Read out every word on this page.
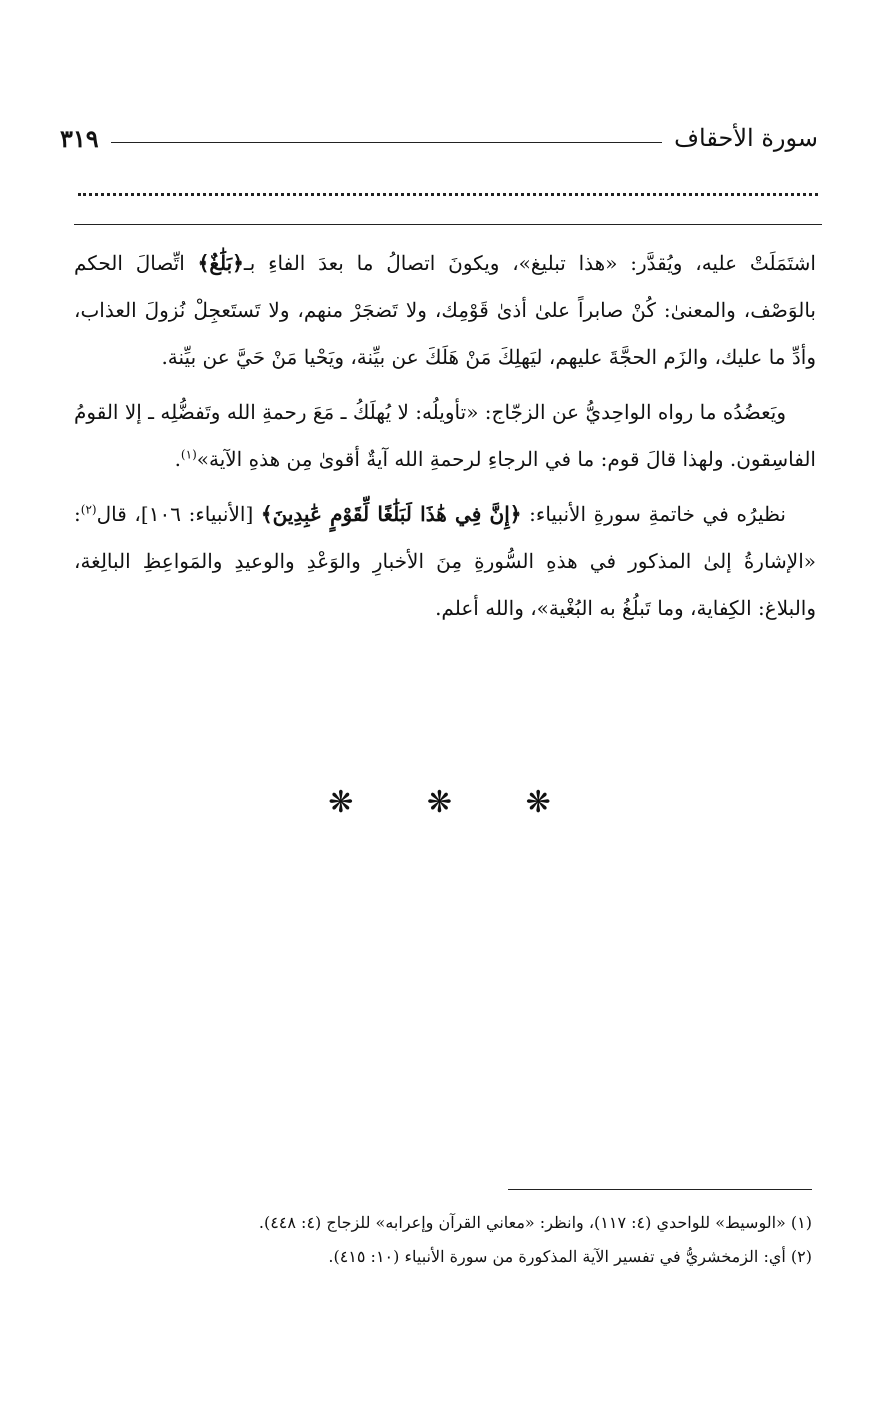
سورة الأحقاف
٣١٩

اشتَمَلَتْ عليه، ويُقدَّر: «هذا تبليغ»، ويكونَ اتصالُ ما بعدَ الفاءِ بـ﴿بَلَٰغٌ﴾ اتِّصالَ الحكم بالوَصْف، والمعنىٰ: كُنْ صابراً علىٰ أذىٰ قَوْمِك، ولا تَضجَرْ منهم، ولا تَستَعجِلْ نُزولَ العذاب، وأدِّ ما عليك، والزَم الحجَّةَ عليهم، ليَهلِكَ مَنْ هَلَكَ عن بيِّنة، ويَحْيا مَنْ حَيَّ عن بيِّنة.

ويَعضُدُه ما رواه الواحِديُّ عن الزجّاج: «تأويلُه: لا يُهلَكُ ـ مَعَ رحمةِ الله وتَفضُّلِه ـ إلا القومُ الفاسِقون. ولهذا قالَ قوم: ما في الرجاءِ لرحمةِ الله آيةٌ أقوىٰ مِن هذهِ الآية»$^{(١)}$.

نظيرُه في خاتمةِ سورةِ الأنبياء: ﴿إِنَّ فِي هَٰذَا لَبَلَٰغًا لِّقَوْمٍ عَٰبِدِينَ﴾ [الأنبياء: ١٠٦]، قال$^{(٢)}$: «الإشارةُ إلىٰ المذكور في هذهِ السُّورةِ مِنَ الأخبارِ والوَعْدِ والوعيدِ والمَواعِظِ البالِغة، والبلاغ: الكِفاية، وما تَبلُغُ به البُغْية»، والله أعلم.

❋ ❋ ❋

(١) «الوسيط» للواحدي (٤: ١١٧)، وانظر: «معاني القرآن وإعرابه» للزجاج (٤: ٤٤٨).

(٢) أي: الزمخشريُّ في تفسير الآية المذكورة من سورة الأنبياء (١٠: ٤١٥).
